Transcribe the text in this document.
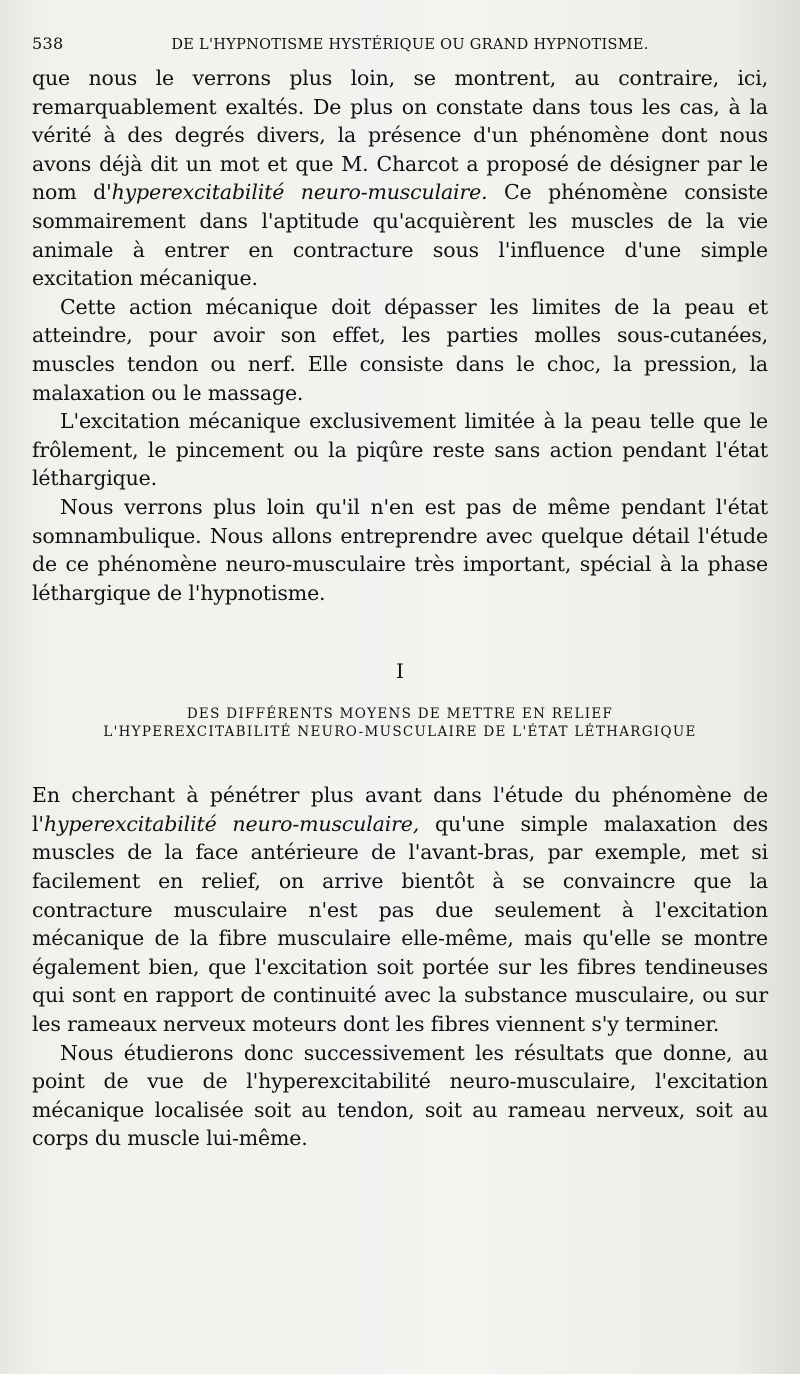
538	DE L'HYPNOTISME HYSTÉRIQUE OU GRAND HYPNOTISME.

que nous le verrons plus loin, se montrent, au contraire, ici, remarquablement exaltés. De plus on constate dans tous les cas, à la vérité à des degrés divers, la présence d'un phénomène dont nous avons déjà dit un mot et que M. Charcot a proposé de désigner par le nom d'hyperexcitabilité neuro-musculaire. Ce phénomène consiste sommairement dans l'aptitude qu'acquièrent les muscles de la vie animale à entrer en contracture sous l'influence d'une simple excitation mécanique.

Cette action mécanique doit dépasser les limites de la peau et atteindre, pour avoir son effet, les parties molles sous-cutanées, muscles tendon ou nerf. Elle consiste dans le choc, la pression, la malaxation ou le massage.

L'excitation mécanique exclusivement limitée à la peau telle que le frôlement, le pincement ou la piqûre reste sans action pendant l'état léthargique.

Nous verrons plus loin qu'il n'en est pas de même pendant l'état somnambulique. Nous allons entreprendre avec quelque détail l'étude de ce phénomène neuro-musculaire très important, spécial à la phase léthargique de l'hypnotisme.

I
DES DIFFÉRENTS MOYENS DE METTRE EN RELIEF
L'HYPEREXCITABILITÉ NEURO-MUSCULAIRE DE L'ÉTAT LÉTHARGIQUE

En cherchant à pénétrer plus avant dans l'étude du phénomène de l'hyperexcitabilité neuro-musculaire, qu'une simple malaxation des muscles de la face antérieure de l'avant-bras, par exemple, met si facilement en relief, on arrive bientôt à se convaincre que la contracture musculaire n'est pas due seulement à l'excitation mécanique de la fibre musculaire elle-même, mais qu'elle se montre également bien, que l'excitation soit portée sur les fibres tendineuses qui sont en rapport de continuité avec la substance musculaire, ou sur les rameaux nerveux moteurs dont les fibres viennent s'y terminer.

Nous étudierons donc successivement les résultats que donne, au point de vue de l'hyperexcitabilité neuro-musculaire, l'excitation mécanique localisée soit au tendon, soit au rameau nerveux, soit au corps du muscle lui-même.
